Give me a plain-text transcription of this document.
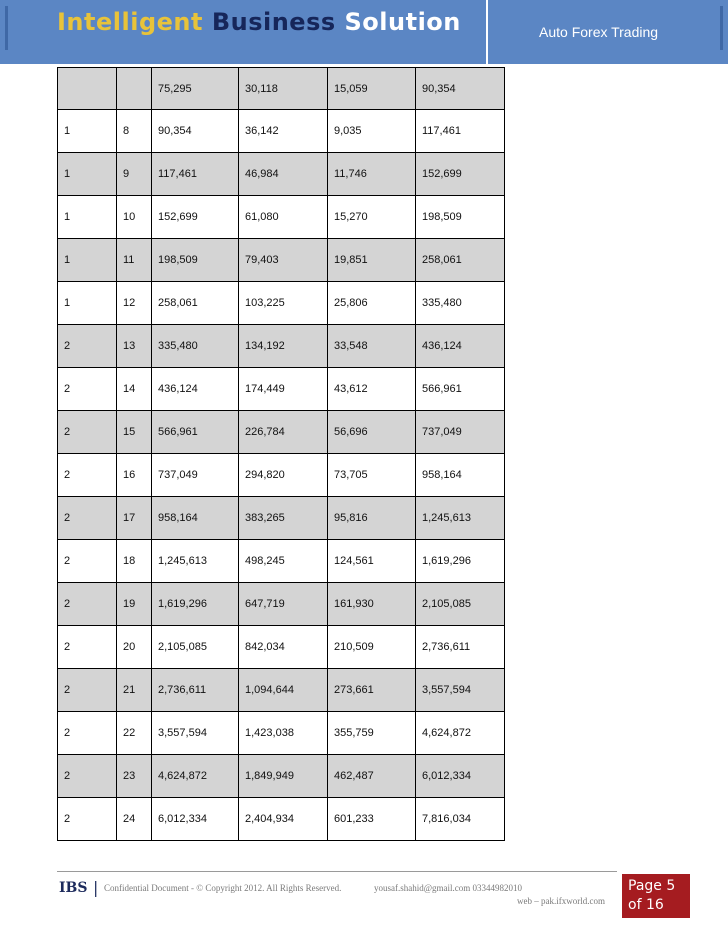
Intelligent Business Solution	Auto Forex Trading
		75,295	30,118	15,059	90,354
1	8	90,354	36,142	9,035	117,461
1	9	117,461	46,984	11,746	152,699
1	10	152,699	61,080	15,270	198,509
1	11	198,509	79,403	19,851	258,061
1	12	258,061	103,225	25,806	335,480
2	13	335,480	134,192	33,548	436,124
2	14	436,124	174,449	43,612	566,961
2	15	566,961	226,784	56,696	737,049
2	16	737,049	294,820	73,705	958,164
2	17	958,164	383,265	95,816	1,245,613
2	18	1,245,613	498,245	124,561	1,619,296
2	19	1,619,296	647,719	161,930	2,105,085
2	20	2,105,085	842,034	210,509	2,736,611
2	21	2,736,611	1,094,644	273,661	3,557,594
2	22	3,557,594	1,423,038	355,759	4,624,872
2	23	4,624,872	1,849,949	462,487	6,012,334
2	24	6,012,334	2,404,934	601,233	7,816,034
IBS | Confidential Document - © Copyright 2012. All Rights Reserved.	yousaf.shahid@gmail.com 03344982010
web – pak.ifxworld.com
Page 5
of 16
